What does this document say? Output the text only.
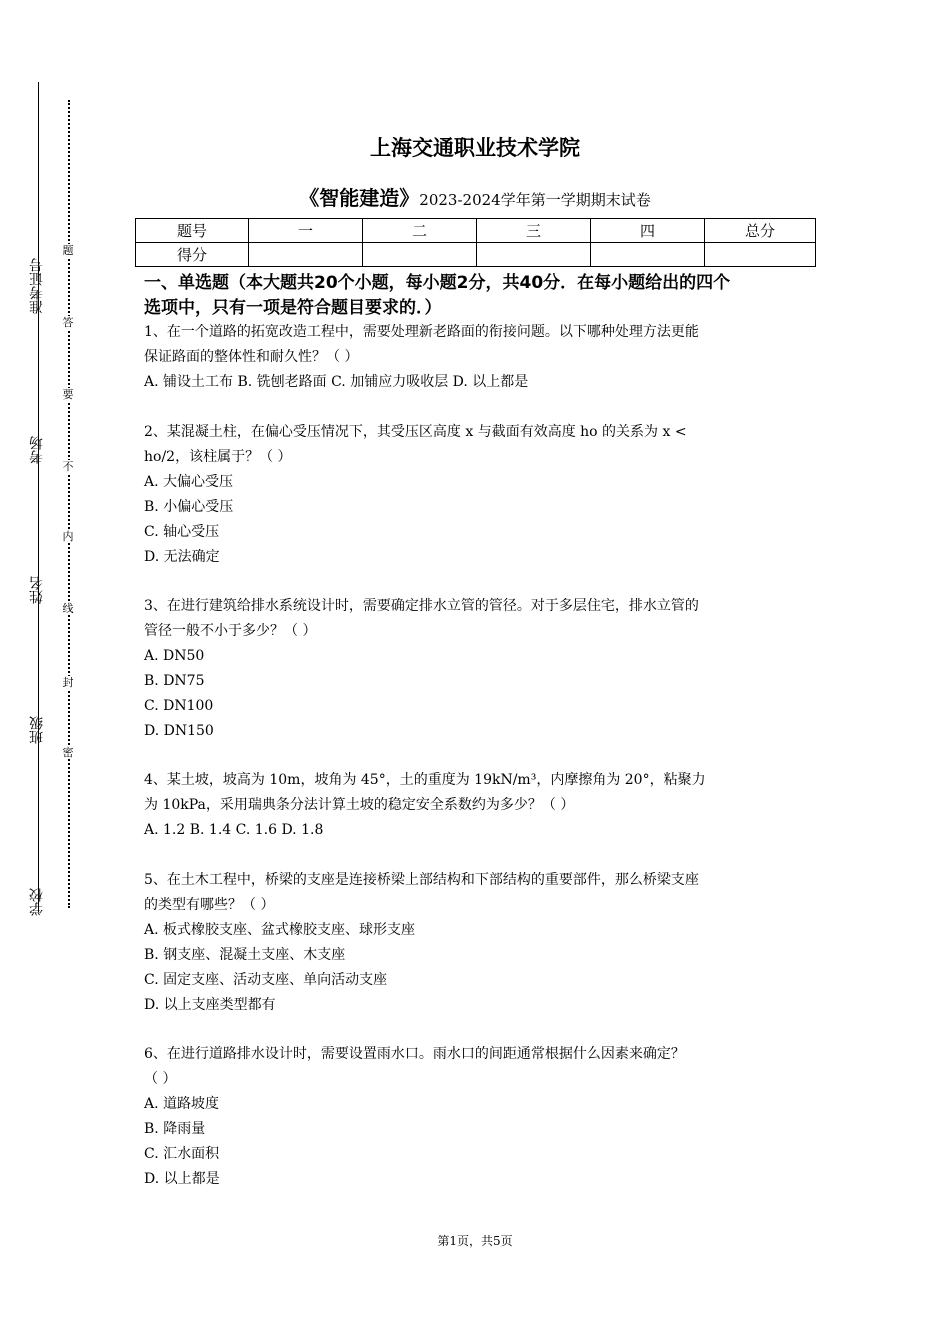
准考证号
考场
姓名
班级
学校
题
答
要
不
内
线
封
密
上海交通职业技术学院
《智能建造》2023-2024学年第一学期期末试卷
题号	一	二	三	四	总分
得分					
一、单选题（本大题共20个小题，每小题2分，共40分．在每小题给出的四个
选项中，只有一项是符合题目要求的．）

1、在一个道路的拓宽改造工程中，需要处理新老路面的衔接问题。以下哪种处理方法更能

保证路面的整体性和耐久性？（ ）

A. 铺设土工布 B. 铣刨老路面 C. 加铺应力吸收层 D. 以上都是

2、某混凝土柱，在偏心受压情况下，其受压区高度 x 与截面有效高度 ho 的关系为 x <

ho/2，该柱属于？（ ）

A. 大偏心受压

B. 小偏心受压

C. 轴心受压

D. 无法确定

3、在进行建筑给排水系统设计时，需要确定排水立管的管径。对于多层住宅，排水立管的

管径一般不小于多少？（ ）

A. DN50

B. DN75

C. DN100

D. DN150

4、某土坡，坡高为 10m，坡角为 45°，土的重度为 19kN/m³，内摩擦角为 20°，粘聚力

为 10kPa，采用瑞典条分法计算土坡的稳定安全系数约为多少？（ ）

A. 1.2 B. 1.4 C. 1.6 D. 1.8

5、在土木工程中，桥梁的支座是连接桥梁上部结构和下部结构的重要部件，那么桥梁支座

的类型有哪些？（ ）

A. 板式橡胶支座、盆式橡胶支座、球形支座

B. 钢支座、混凝土支座、木支座

C. 固定支座、活动支座、单向活动支座

D. 以上支座类型都有

6、在进行道路排水设计时，需要设置雨水口。雨水口的间距通常根据什么因素来确定？

（ ）

A. 道路坡度

B. 降雨量

C. 汇水面积

D. 以上都是

第1页，共5页
